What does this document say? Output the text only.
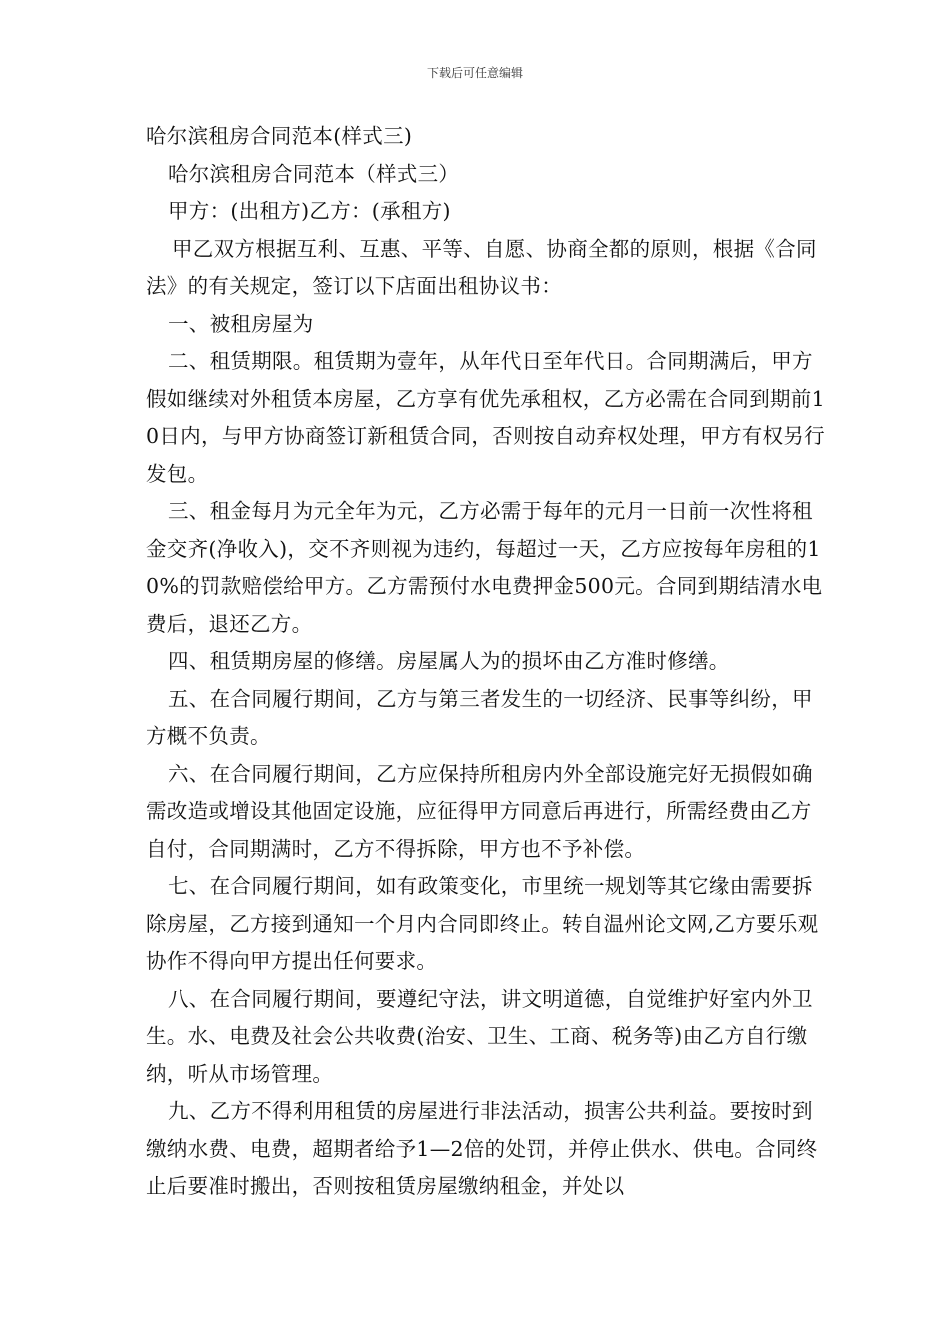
下载后可任意编辑

哈尔滨租房合同范本(样式三)

哈尔滨租房合同范本（样式三）

甲方：(出租方)乙方：(承租方)

甲乙双方根据互利、互惠、平等、自愿、协商全都的原则，根据《合同法》的有关规定，签订以下店面出租协议书：

一、被租房屋为

二、租赁期限。租赁期为壹年，从年代日至年代日。合同期满后，甲方假如继续对外租赁本房屋，乙方享有优先承租权，乙方必需在合同到期前10日内，与甲方协商签订新租赁合同，否则按自动弃权处理，甲方有权另行发包。

三、租金每月为元全年为元，乙方必需于每年的元月一日前一次性将租金交齐(净收入)，交不齐则视为违约，每超过一天，乙方应按每年房租的10%的罚款赔偿给甲方。乙方需预付水电费押金500元。合同到期结清水电费后，退还乙方。

四、租赁期房屋的修缮。房屋属人为的损坏由乙方准时修缮。

五、在合同履行期间，乙方与第三者发生的一切经济、民事等纠纷，甲方概不负责。

六、在合同履行期间，乙方应保持所租房内外全部设施完好无损假如确需改造或增设其他固定设施，应征得甲方同意后再进行，所需经费由乙方自付，合同期满时，乙方不得拆除，甲方也不予补偿。

七、在合同履行期间，如有政策变化，市里统一规划等其它缘由需要拆除房屋，乙方接到通知一个月内合同即终止。转自温州论文网,乙方要乐观协作不得向甲方提出任何要求。

八、在合同履行期间，要遵纪守法，讲文明道德，自觉维护好室内外卫生。水、电费及社会公共收费(治安、卫生、工商、税务等)由乙方自行缴纳，听从市场管理。

九、乙方不得利用租赁的房屋进行非法活动，损害公共利益。要按时到缴纳水费、电费，超期者给予1—2倍的处罚，并停止供水、供电。合同终止后要准时搬出，否则按租赁房屋缴纳租金，并处以
